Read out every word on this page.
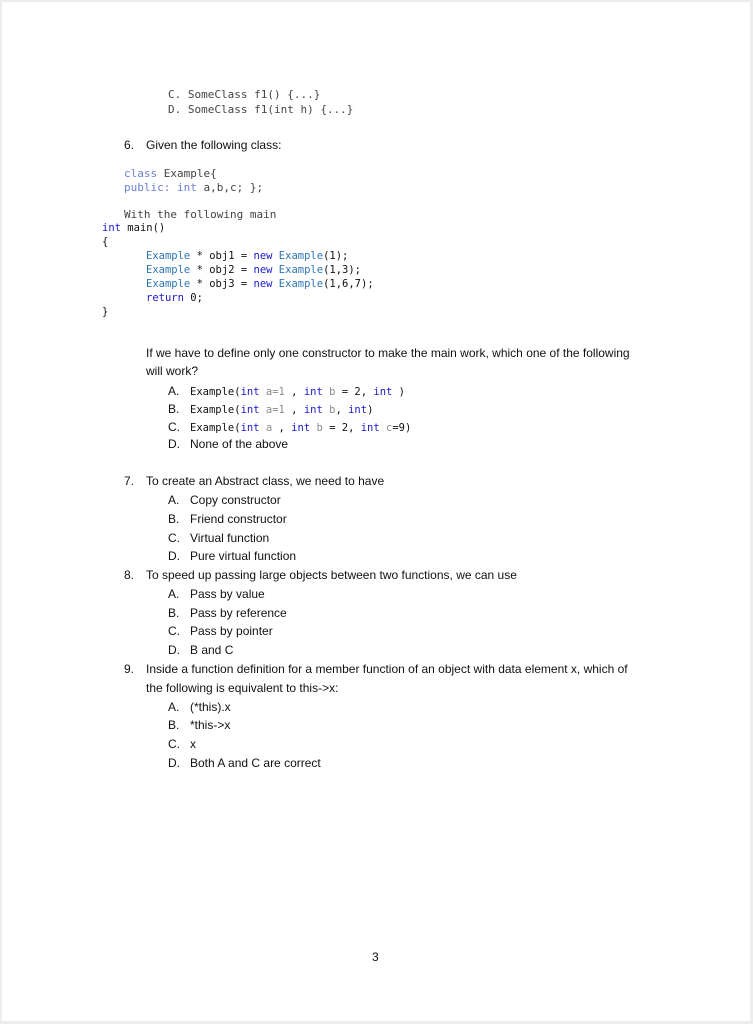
C. SomeClass f1() {...}
D. SomeClass f1(int h) {...}
6. Given the following class:
class Example{
public: int a,b,c; };
With the following main
int main()
{
Example * obj1 = new Example(1);
Example * obj2 = new Example(1,3);
Example * obj3 = new Example(1,6,7);
return 0;
}
If we have to define only one constructor to make the main work, which one of the following
will work?
A. Example(int a=1 , int b = 2, int )
B. Example(int a=1 , int b, int)
C. Example(int a , int b = 2, int c=9)
D. None of the above
7. To create an Abstract class, we need to have
A. Copy constructor
B. Friend constructor
C. Virtual function
D. Pure virtual function
8. To speed up passing large objects between two functions, we can use
A. Pass by value
B. Pass by reference
C. Pass by pointer
D. B and C
9. Inside a function definition for a member function of an object with data element x, which of
the following is equivalent to this->x:
A. (*this).x
B. *this->x
C. x
D. Both A and C are correct
3
